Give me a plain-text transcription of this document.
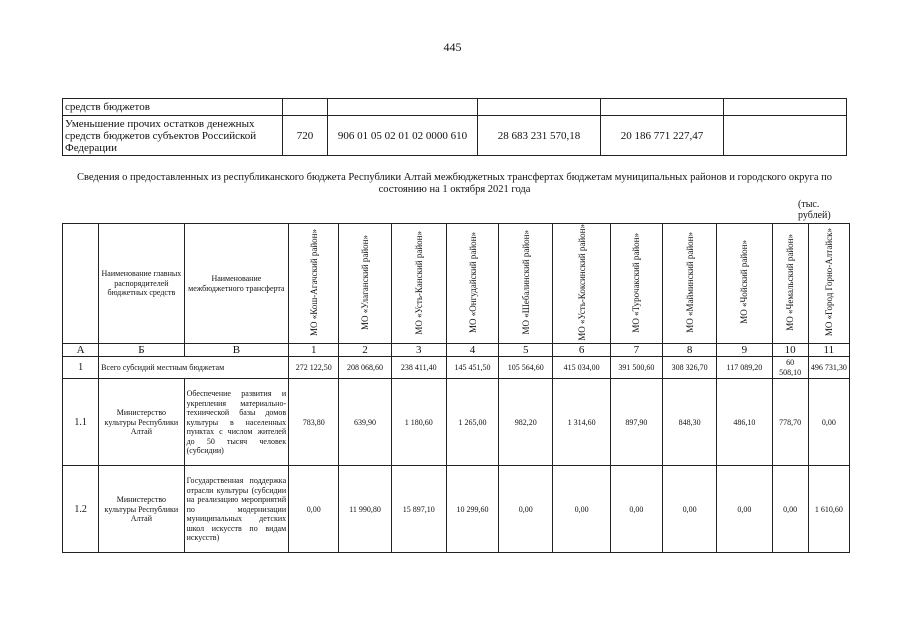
445
средств бюджетов					
Уменьшение прочих остатков денежных средств бюджетов субъектов Российской Федерации	720	906 01 05 02 01 02 0000 610	28 683 231 570,18	20 186 771 227,47	
Сведения о предоставленных из республиканского бюджета Республики Алтай межбюджетных трансфертах бюджетам муниципальных районов и городского округа по состоянию на 1 октября 2021 года
(тыс. рублей)
	Наименование главных распорядителей бюджетных средств	Наименование межбюджетного трансферта	МО «Кош-Агачский район»	МО «Улаганский район»	МО «Усть-Канский район»	МО «Онгудайский район»	МО «Шебалинский район»	МО «Усть-Коксинский район»	МО «Турочакский район»	МО «Майминский район»	МО «Чойский район»	МО «Чемальский район»	МО «Город Горно-Алтайск»
А	Б	В	1	2	3	4	5	6	7	8	9	10	11
1	Всего субсидий местным бюджетам		272 122,50	208 068,60	238 411,40	145 451,50	105 564,60	415 034,00	391 500,60	308 326,70	117 089,20	60 508,10	496 731,30
1.1	Министерство культуры Республики Алтай	Обеспечение развития и укрепления материально-технической базы домов культуры в населенных пунктах с числом жителей до 50 тысяч человек (субсидии)	783,80	639,90	1 180,60	1 265,00	982,20	1 314,60	897,90	848,30	486,10	778,70	0,00
1.2	Министерство культуры Республики Алтай	Государственная поддержка отрасли культуры (субсидии на реализацию мероприятий по модернизации муниципальных детских школ искусств по видам искусств)	0,00	11 990,80	15 897,10	10 299,60	0,00	0,00	0,00	0,00	0,00	0,00	1 610,60
